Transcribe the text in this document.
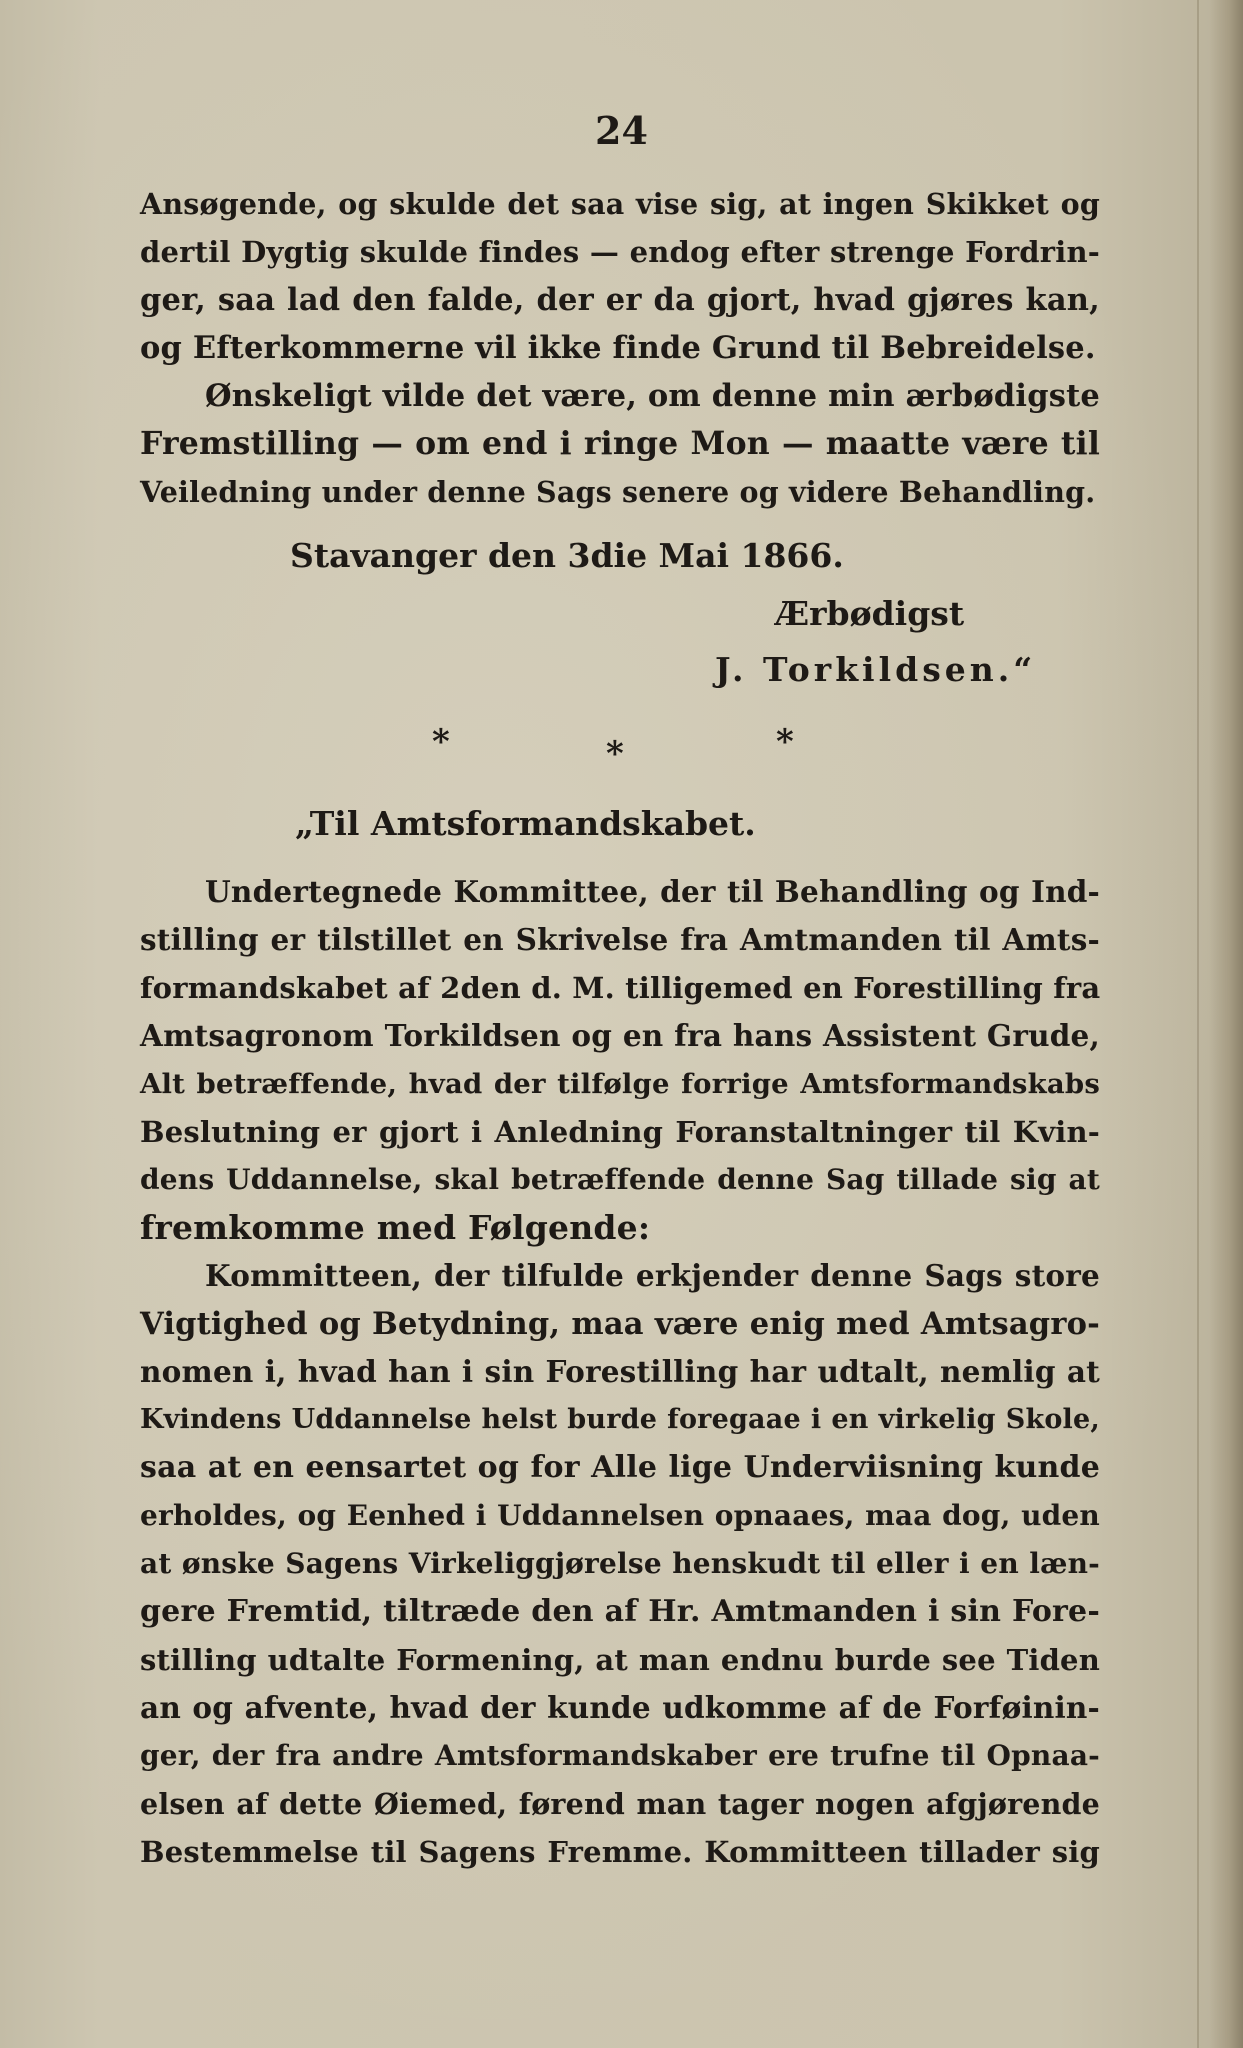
24
Ansøgende, og skulde det saa vise sig, at ingen Skikket og
dertil Dygtig skulde findes — endog efter strenge Fordrin-
ger, saa lad den falde, der er da gjort, hvad gjøres kan,
og Efterkommerne vil ikke finde Grund til Bebreidelse.
Ønskeligt vilde det være, om denne min ærbødigste
Fremstilling — om end i ringe Mon — maatte være til
Veiledning under denne Sags senere og videre Behandling.
Stavanger den 3die Mai 1866.
Ærbødigst
J. Torkildsen.“
*	*	*
„Til Amtsformandskabet.
Undertegnede Kommittee, der til Behandling og Ind-
stilling er tilstillet en Skrivelse fra Amtmanden til Amts-
formandskabet af 2den d. M. tilligemed en Forestilling fra
Amtsagronom Torkildsen og en fra hans Assistent Grude,
Alt betræffende, hvad der tilfølge forrige Amtsformandskabs
Beslutning er gjort i Anledning Foranstaltninger til Kvin-
dens Uddannelse, skal betræffende denne Sag tillade sig at
fremkomme med Følgende:
Kommitteen, der tilfulde erkjender denne Sags store
Vigtighed og Betydning, maa være enig med Amtsagro-
nomen i, hvad han i sin Forestilling har udtalt, nemlig at
Kvindens Uddannelse helst burde foregaae i en virkelig Skole,
saa at en eensartet og for Alle lige Underviisning kunde
erholdes, og Eenhed i Uddannelsen opnaaes, maa dog, uden
at ønske Sagens Virkeliggjørelse henskudt til eller i en læn-
gere Fremtid, tiltræde den af Hr. Amtmanden i sin Fore-
stilling udtalte Formening, at man endnu burde see Tiden
an og afvente, hvad der kunde udkomme af de Forføinin-
ger, der fra andre Amtsformandskaber ere trufne til Opnaa-
elsen af dette Øiemed, førend man tager nogen afgjørende
Bestemmelse til Sagens Fremme. Kommitteen tillader sig
